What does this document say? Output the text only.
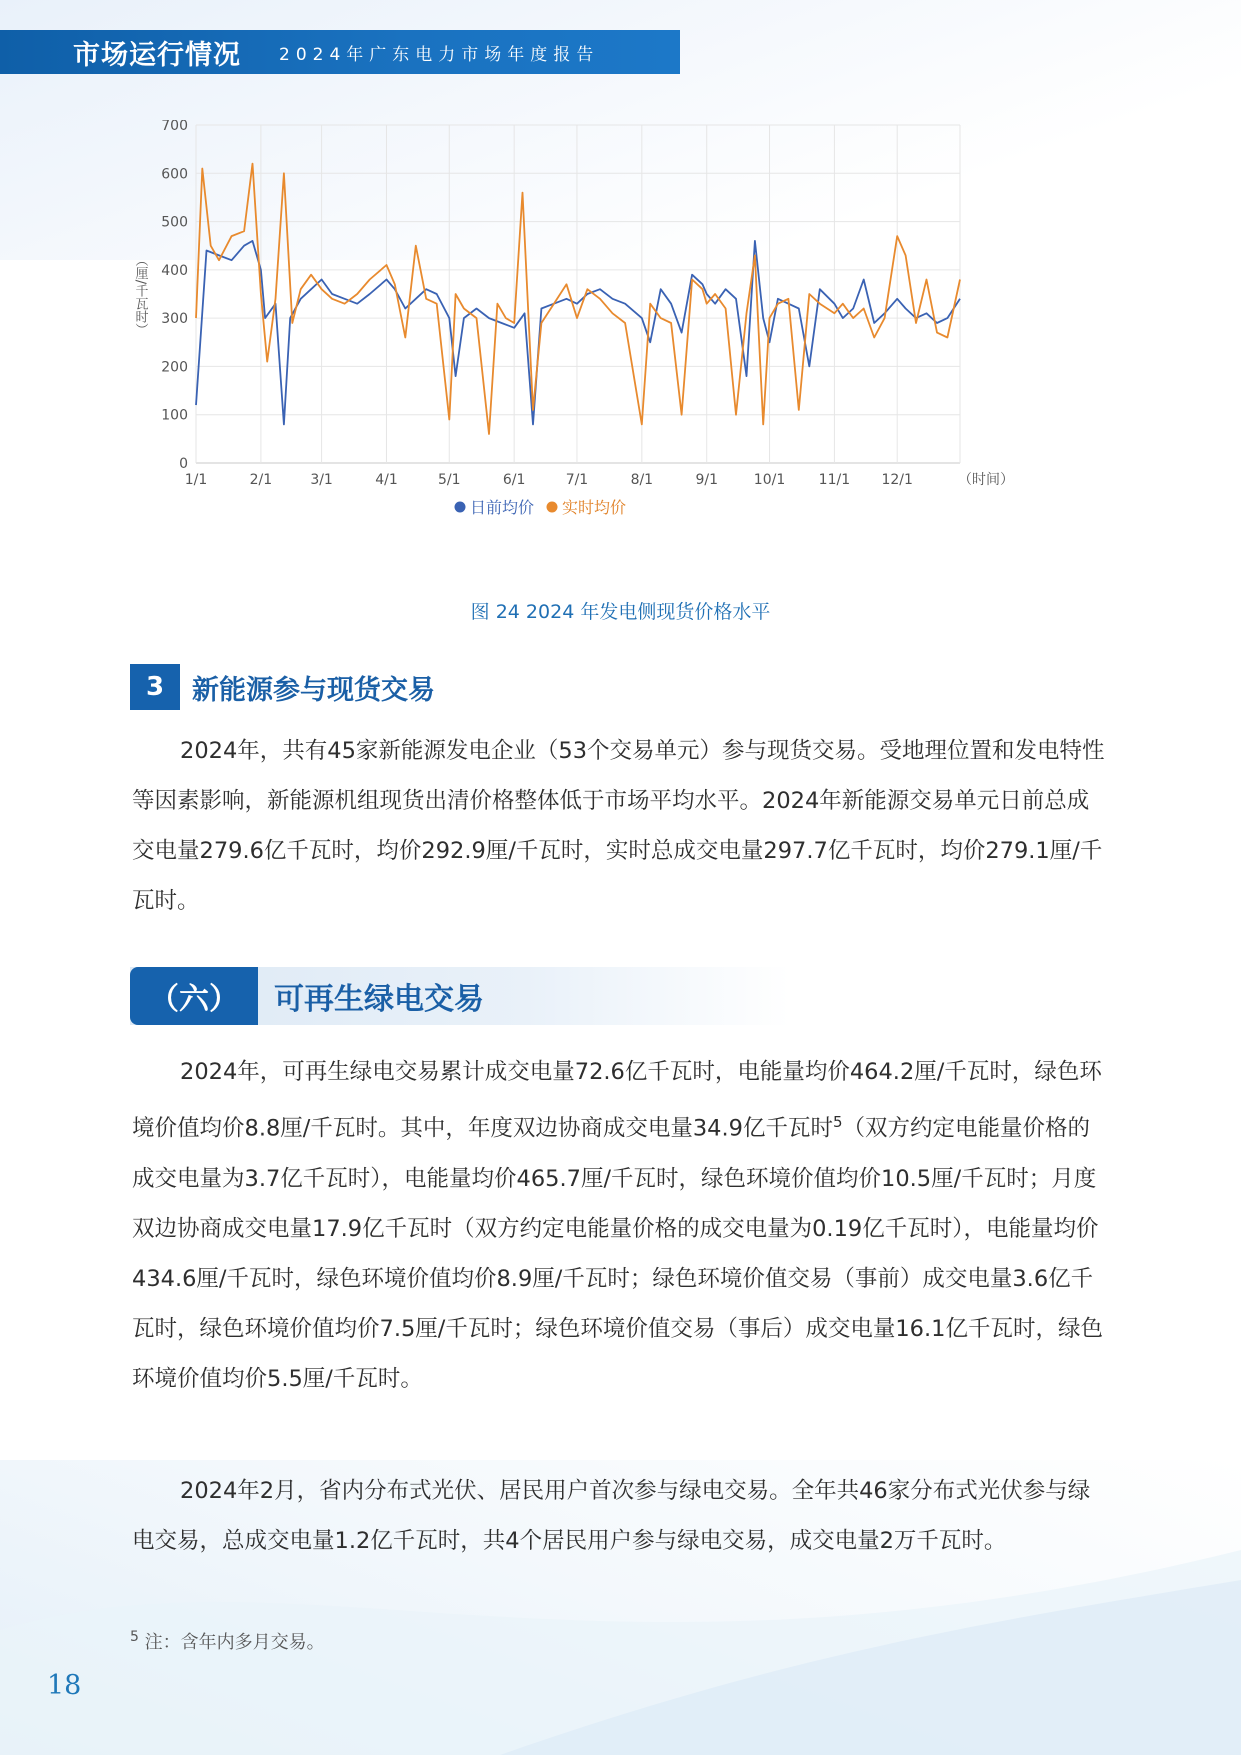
市场运行情况 2024年广东电力市场年度报告
0
100
200
300
400
500
600
700
1/1	2/1	3/1	4/1	5/1	6/1	7/1	8/1	9/1	10/1 11/1 12/1	（时间）
（厘/千瓦时）
日前均价 实时均价
图 24 2024 年发电侧现货价格水平
3	新能源参与现货交易

2024年，共有45家新能源发电企业（53个交易单元）参与现货交易。受地理位置和发电特性等因素影响，新能源机组现货出清价格整体低于市场平均水平。2024年新能源交易单元日前总成交电量279.6亿千瓦时，均价292.9厘/千瓦时，实时总成交电量297.7亿千瓦时，均价279.1厘/千瓦时。

（六）	可再生绿电交易

2024年，可再生绿电交易累计成交电量72.6亿千瓦时，电能量均价464.2厘/千瓦时，绿色环境价值均价8.8厘/千瓦时。其中，年度双边协商成交电量34.9亿千瓦时$^5$（双方约定电能量价格的成交电量为3.7亿千瓦时），电能量均价465.7厘/千瓦时，绿色环境价值均价10.5厘/千瓦时；月度双边协商成交电量17.9亿千瓦时（双方约定电能量价格的成交电量为0.19亿千瓦时），电能量均价434.6厘/千瓦时，绿色环境价值均价8.9厘/千瓦时；绿色环境价值交易（事前）成交电量3.6亿千瓦时，绿色环境价值均价7.5厘/千瓦时；绿色环境价值交易（事后）成交电量16.1亿千瓦时，绿色环境价值均价5.5厘/千瓦时。

2024年2月，省内分布式光伏、居民用户首次参与绿电交易。全年共46家分布式光伏参与绿电交易，总成交电量1.2亿千瓦时，共4个居民用户参与绿电交易，成交电量2万千瓦时。

$^5$ 注：含年内多月交易。
18
